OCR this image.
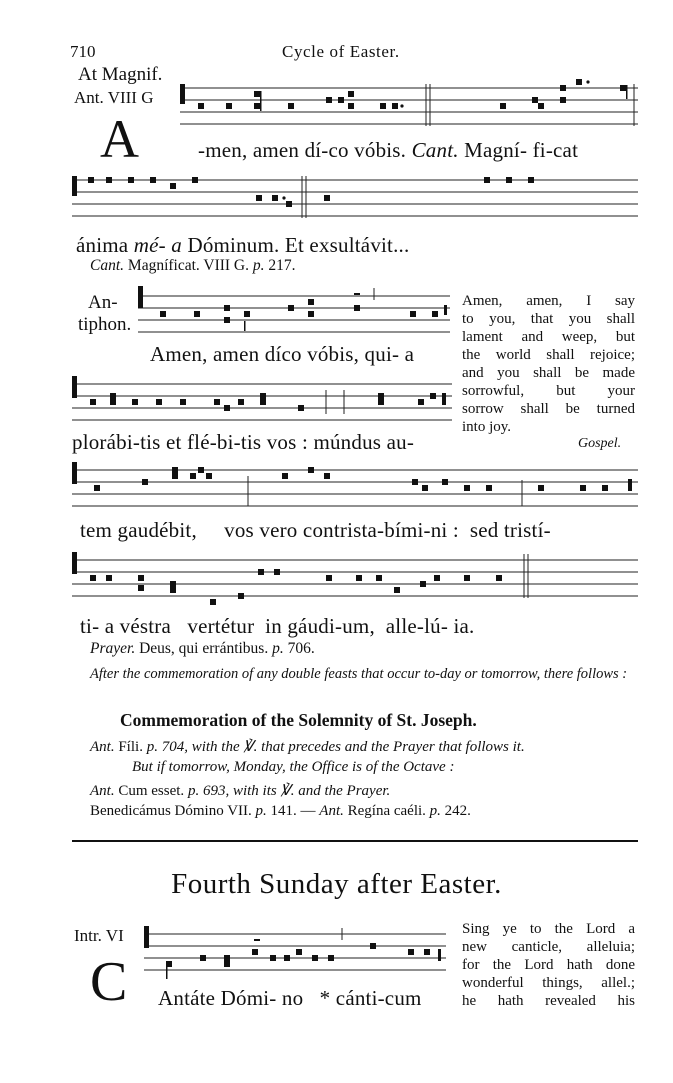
710	Cycle of Easter.
At Magnif.
Ant. VIII G
A	-men, amen dí-co vóbis. Cant. Magní- fi-cat
ánima mé- a Dóminum. Et exsultávit...
Cant. Magníficat. VIII G. p. 217.
An-
tiphon.
Amen, amen, I say
to you, that you shall
lament and weep, but
the world shall rejoice;
and you shall be made
sorrowful, but your
sorrow shall be turned
into joy.
Gospel.
Amen, amen díco vóbis, qui- a
plorábi-tis et flé-bi-tis vos : múndus au-
tem gaudébit,     vos vero contrista-bími-ni :  sed tristí-
ti- a véstra   vertétur  in gáudi-um,  alle-lú- ia.
Prayer. Deus, qui errántibus. p. 706.
After the commemoration of any double feasts that occur to-day or tomorrow, there follows :
Commemoration of the Solemnity of St. Joseph.
Ant. Fíli. p. 704, with the ℣. that precedes and the Prayer that follows it.
But if tomorrow, Monday, the Office is of the Octave :
Ant. Cum esset. p. 693, with its ℣. and the Prayer.
Benedicámus Dómino VII. p. 141. — Ant. Regína caéli. p. 242.
Fourth Sunday after Easter.
Intr. VI
C Antáte Dómi- no   * cánti-cum
Sing ye to the Lord a
new canticle, alleluia;
for the Lord hath done
wonderful things, allel.;
he hath revealed his
